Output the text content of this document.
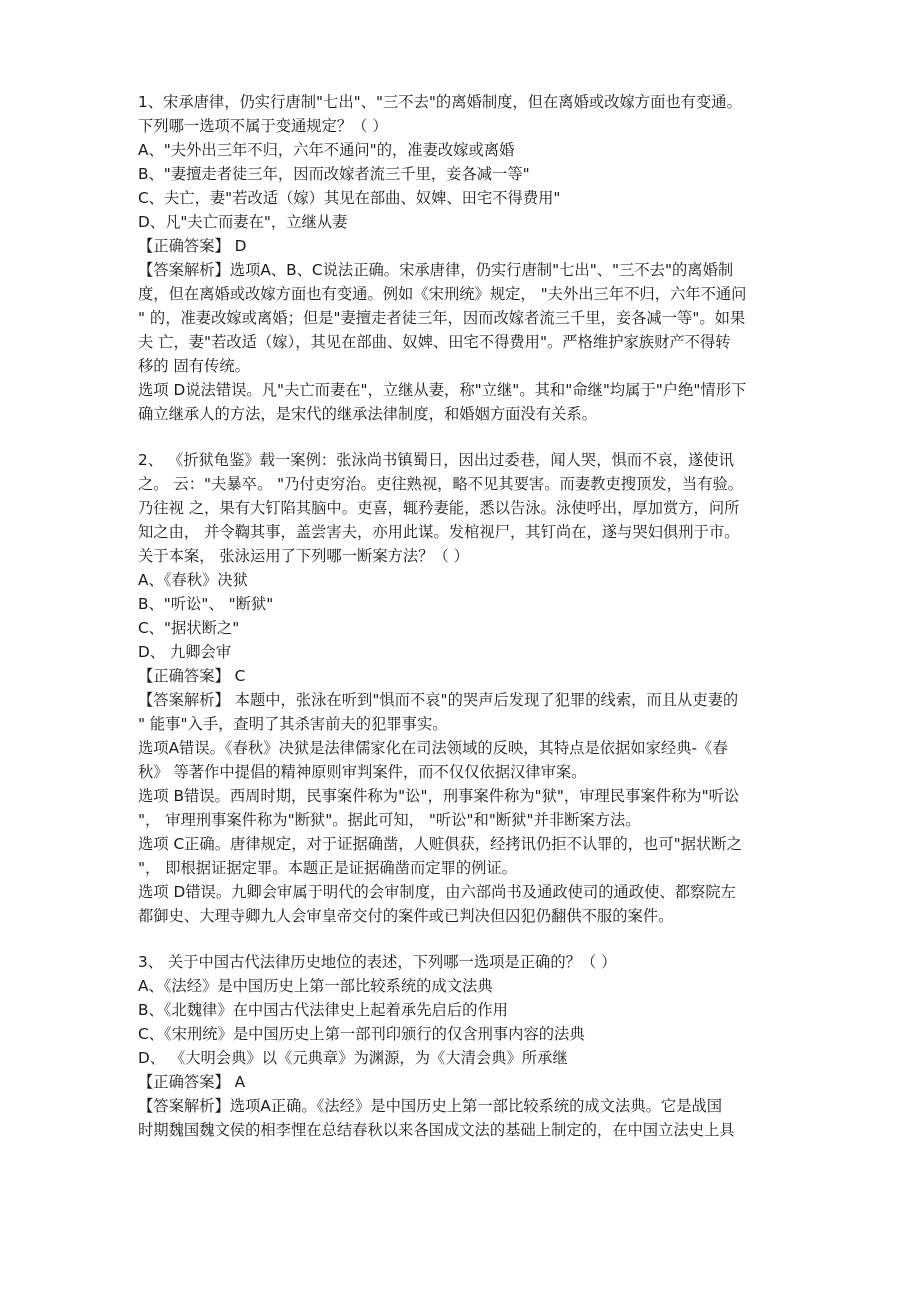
1、宋承唐律，仍实行唐制"七出"、"三不去"的离婚制度，但在离婚或改嫁方面也有变通。
下列哪一选项不属于变通规定？（ ）
A、"夫外出三年不归，六年不通问"的，准妻改嫁或离婚
B、"妻擅走者徒三年，因而改嫁者流三千里，妾各减一等"
C、夫亡，妻"若改适（嫁）其见在部曲、奴婢、田宅不得费用"
D、凡"夫亡而妻在"，立继从妻
【正确答案】 D
【答案解析】选项A、B、C说法正确。宋承唐律，仍实行唐制"七出"、"三不去"的离婚制
度，但在离婚或改嫁方面也有变通。例如《宋刑统》规定， "夫外出三年不归，六年不通问
" 的，准妻改嫁或离婚；但是"妻擅走者徒三年，因而改嫁者流三千里，妾各减一等"。如果
夫 亡，妻"若改适（嫁），其见在部曲、奴婢、田宅不得费用"。严格维护家族财产不得转
移的 固有传统。
选项 D说法错误。凡"夫亡而妻在"，立继从妻，称"立继"。其和"命继"均属于"户绝"情形下
确立继承人的方法，是宋代的继承法律制度，和婚姻方面没有关系。
2、 《折狱龟鉴》载一案例：张泳尚书镇蜀日，因出过委巷，闻人哭，惧而不哀，遂使讯
之。 云："夫暴卒。 "乃付吏穷治。吏往熟视，略不见其要害。而妻教吏搜顶发，当有验。
乃往视 之，果有大钉陷其脑中。吏喜，辄矜妻能，悉以告泳。泳使呼出，厚加赏方，问所
知之由， 并令鞫其事，盖尝害夫，亦用此谋。发棺视尸，其钉尚在，遂与哭妇俱刑于市。
关于本案， 张泳运用了下列哪一断案方法？（ ）
A、《春秋》决狱
B、"听讼"、 "断狱"
C、"据状断之"
D、 九卿会审
【正确答案】 C
【答案解析】 本题中，张泳在听到"惧而不哀"的哭声后发现了犯罪的线索，而且从吏妻的
" 能事"入手，查明了其杀害前夫的犯罪事实。
选项A错误。《春秋》决狱是法律儒家化在司法领域的反映，其特点是依据如家经典-《春
秋》 等著作中提倡的精神原则审判案件，而不仅仅依据汉律审案。
选项 B错误。西周时期，民事案件称为"讼"，刑事案件称为"狱"，审理民事案件称为"听讼
"， 审理刑事案件称为"断狱"。据此可知， "听讼"和"断狱"并非断案方法。
选项 C正确。唐律规定，对于证据确凿，人赃俱获，经拷讯仍拒不认罪的，也可"据状断之
"， 即根据证据定罪。本题正是证据确凿而定罪的例证。
选项 D错误。九卿会审属于明代的会审制度，由六部尚书及通政使司的通政使、都察院左
都御史、大理寺卿九人会审皇帝交付的案件或已判决但囚犯仍翻供不服的案件。
3、 关于中国古代法律历史地位的表述，下列哪一选项是正确的？（ ）
A、《法经》是中国历史上第一部比较系统的成文法典
B、《北魏律》在中国古代法律史上起着承先启后的作用
C、《宋刑统》是中国历史上第一部刊印颁行的仅含刑事内容的法典
D、 《大明会典》以《元典章》为渊源，为《大清会典》所承继
【正确答案】 A
【答案解析】选项A正确。《法经》是中国历史上第一部比较系统的成文法典。它是战国
时期魏国魏文侯的相李悝在总结春秋以来各国成文法的基础上制定的，在中国立法史上具
